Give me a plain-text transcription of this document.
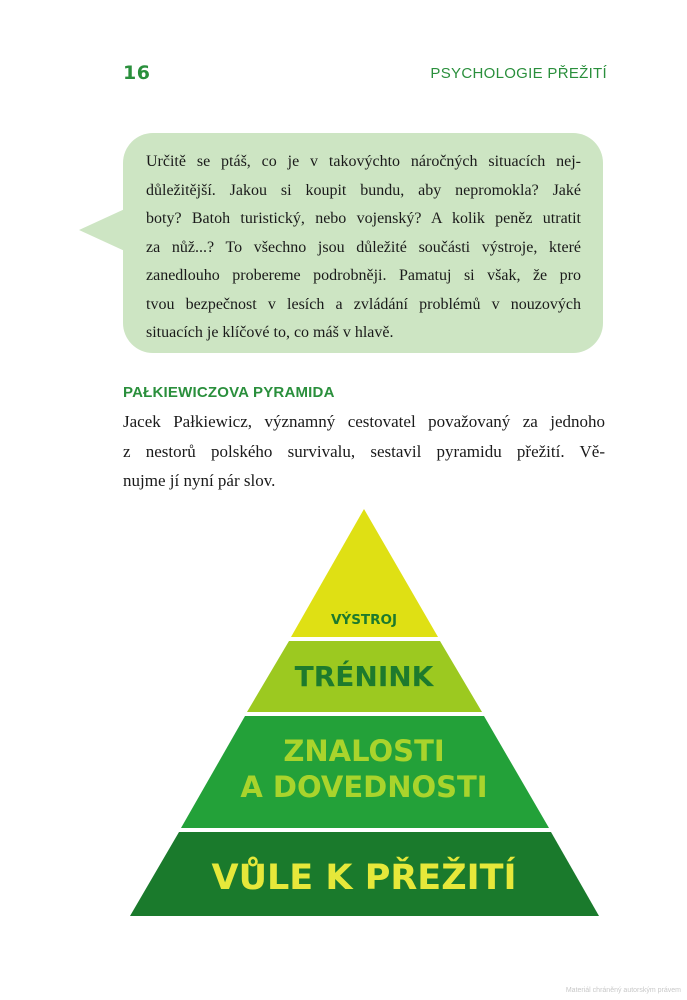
16	PSYCHOLOGIE PŘEŽITÍ

Určitě se ptáš, co je v takovýchto náročných situacích nej-

důležitější. Jakou si koupit bundu, aby nepromokla? Jaké

boty? Batoh turistický, nebo vojenský? A kolik peněz utratit

za nůž...? To všechno jsou důležité součásti výstroje, které

zanedlouho probereme podrobněji. Pamatuj si však, že pro

tvou bezpečnost v lesích a zvládání problémů v nouzových

situacích je klíčové to, co máš v hlavě.

PAŁKIEWICZOVA PYRAMIDA

Jacek Pałkiewicz, významný cestovatel považovaný za jednoho

z nestorů polského survivalu, sestavil pyramidu přežití. Vě-

nujme jí nyní pár slov.

VÝSTROJ
TRÉNINK
ZNALOSTI
A DOVEDNOSTI
VŮLE K PŘEŽITÍ
Materiál chráněný autorským právem
